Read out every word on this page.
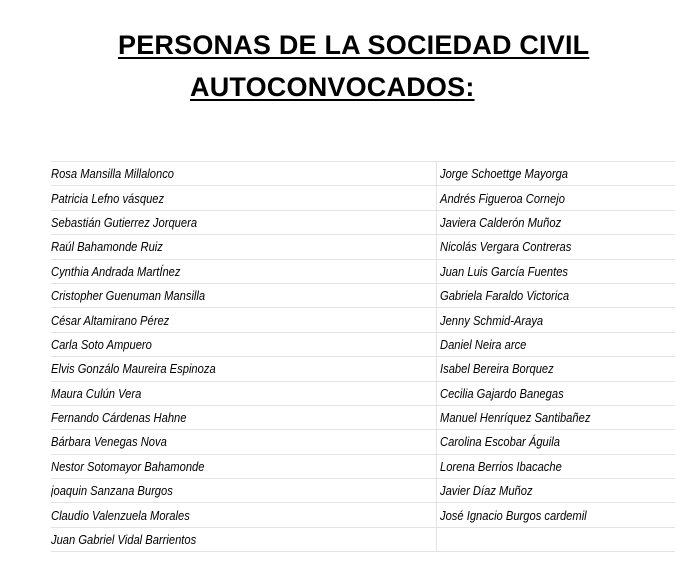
PERSONAS DE LA SOCIEDAD CIVIL
AUTOCONVOCADOS:
	Rosa Mansilla Millalonco	Jorge Schoettge Mayorga
	Patricia Lefno vásquez	Andrés Figueroa Cornejo
	Sebastián Gutierrez Jorquera	Javiera Calderón Muñoz
	Raúl Bahamonde Ruiz	Nicolás Vergara Contreras
	Cynthia Andrada MartÍnez	Juan Luis García Fuentes
	Cristopher Guenuman Mansilla	Gabriela Faraldo Victorica
	César Altamirano Pérez	Jenny Schmid-Araya
	Carla Soto Ampuero	Daniel Neira arce
	Elvis Gonzálo Maureira Espinoza	Isabel Bereira Borquez
	Maura Culún Vera	Cecilia Gajardo Banegas
	Fernando Cárdenas Hahne	Manuel Henríquez Santibañez
	Bárbara Venegas Nova	Carolina Escobar Águila
	Nestor Sotomayor Bahamonde	Lorena Berrios Ibacache
	joaquin Sanzana Burgos	Javier Díaz Muñoz
	Claudio Valenzuela Morales	José Ignacio Burgos cardemil
	Juan Gabriel Vidal Barrientos	
